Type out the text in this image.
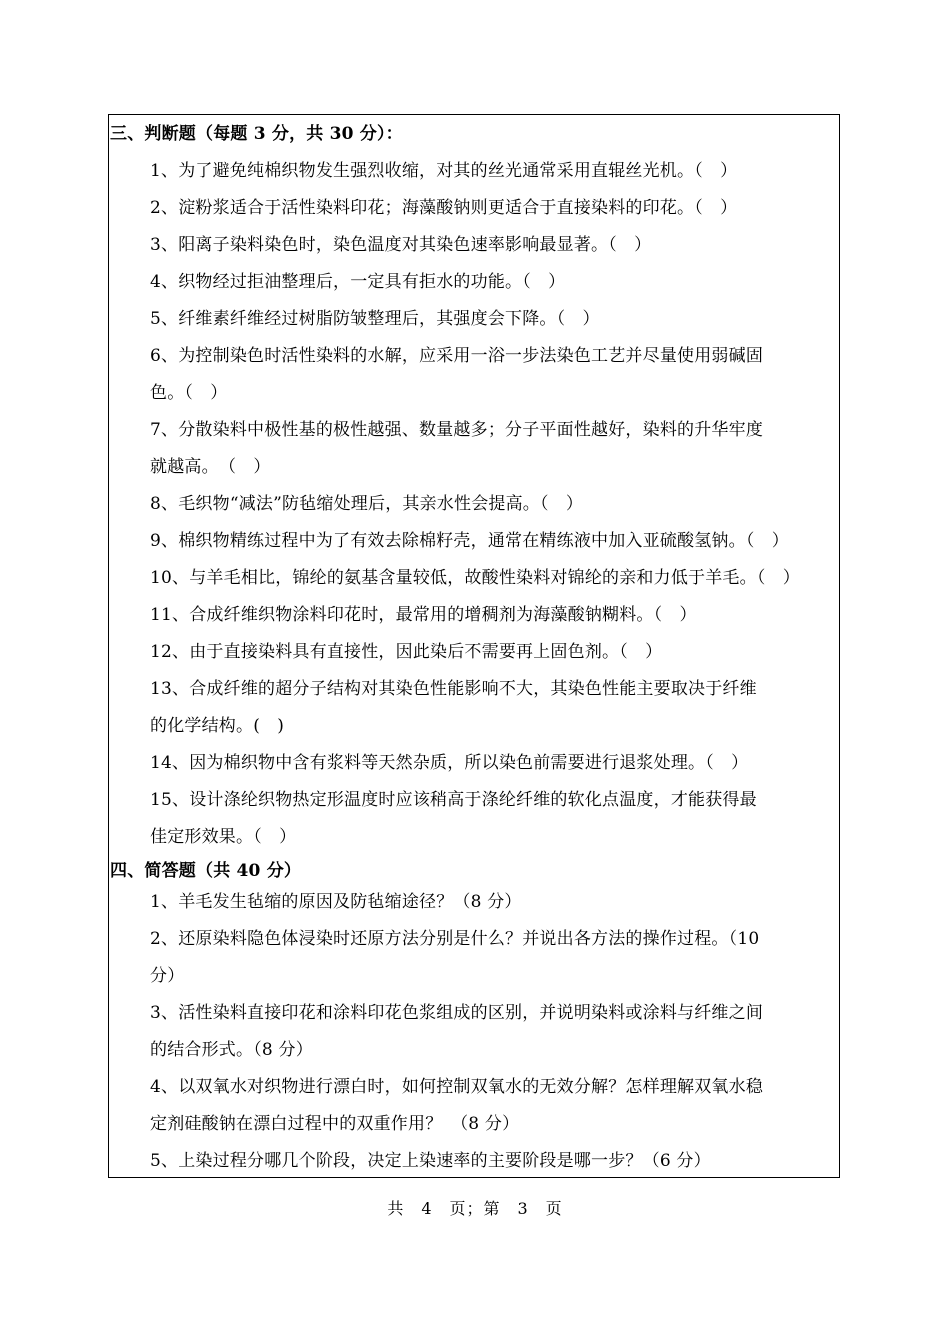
三、判断题（每题 3 分，共 30 分）：
1、为了避免纯棉织物发生强烈收缩，对其的丝光通常采用直辊丝光机。（　）
2、淀粉浆适合于活性染料印花；海藻酸钠则更适合于直接染料的印花。（　）
3、阳离子染料染色时，染色温度对其染色速率影响最显著。（　）
4、织物经过拒油整理后，一定具有拒水的功能。（　）
5、纤维素纤维经过树脂防皱整理后，其强度会下降。（　）
6、为控制染色时活性染料的水解，应采用一浴一步法染色工艺并尽量使用弱碱固
色。（　）
7、分散染料中极性基的极性越强、数量越多；分子平面性越好，染料的升华牢度
就越高。　（　）
8、毛织物“减法”防毡缩处理后，其亲水性会提高。（　）
9、棉织物精练过程中为了有效去除棉籽壳，通常在精练液中加入亚硫酸氢钠。（　）
10、与羊毛相比，锦纶的氨基含量较低，故酸性染料对锦纶的亲和力低于羊毛。（　）
11、合成纤维织物涂料印花时，最常用的增稠剂为海藻酸钠糊料。（　）
12、由于直接染料具有直接性，因此染后不需要再上固色剂。（　）
13、合成纤维的超分子结构对其染色性能影响不大，其染色性能主要取决于纤维
的化学结构。(　)
14、因为棉织物中含有浆料等天然杂质，所以染色前需要进行退浆处理。（　）
15、设计涤纶织物热定形温度时应该稍高于涤纶纤维的软化点温度，才能获得最
佳定形效果。（　）
四、简答题（共 40 分）
1、羊毛发生毡缩的原因及防毡缩途径？（8 分）
2、还原染料隐色体浸染时还原方法分别是什么？并说出各方法的操作过程。（10
分）
3、活性染料直接印花和涂料印花色浆组成的区别，并说明染料或涂料与纤维之间
的结合形式。（8 分）
4、以双氧水对织物进行漂白时，如何控制双氧水的无效分解？怎样理解双氧水稳
定剂硅酸钠在漂白过程中的双重作用？　（8 分）
5、上染过程分哪几个阶段，决定上染速率的主要阶段是哪一步？（6 分）
共　4　页；第　3　页
